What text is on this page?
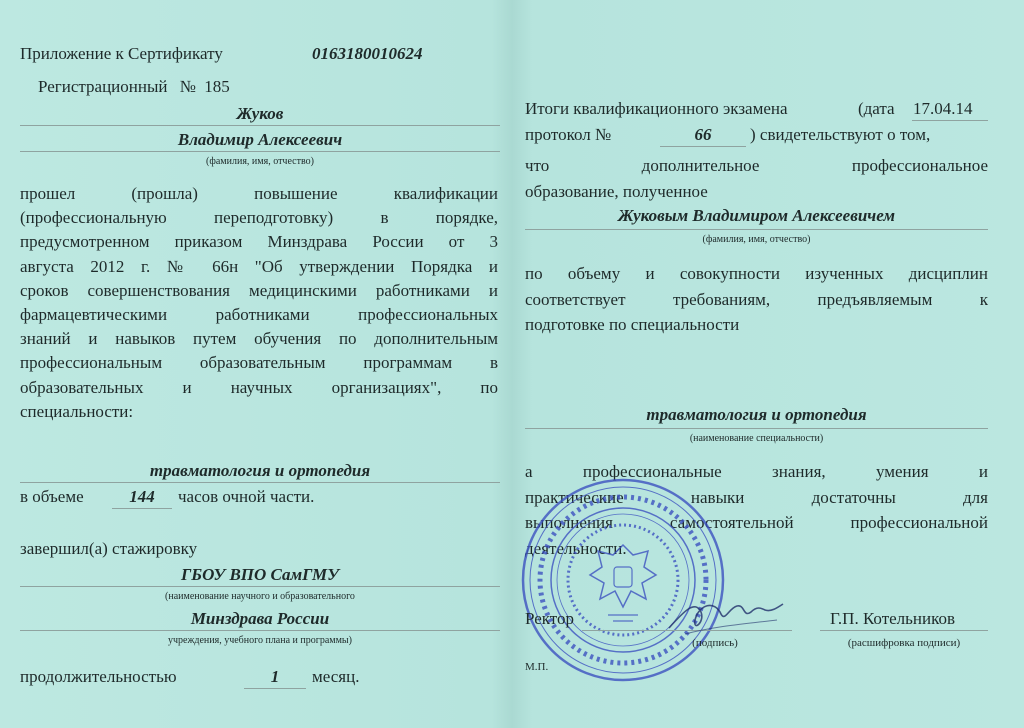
Приложение к Сертификату	0163180010624
Регистрационный № 185
Жуков
Владимир Алексеевич
(фамилия, имя, отчество)
прошел (прошла) повышение квалификации
(профессиональную переподготовку) в порядке,
предусмотренном приказом Минздрава России от 3
августа 2012 г. № 66н "Об утверждении Порядка и
сроков совершенствования медицинскими работниками и
фармацевтическими работниками профессиональных
знаний и навыков путем обучения по дополнительным
профессиональным образовательным программам в
образовательных и научных организациях", по
специальности:
травматология и ортопедия
в объеме	144	часов очной части.
завершил(а) стажировку
ГБОУ ВПО СамГМУ
(наименование научного и образовательного
Минздрава России
учреждения, учебного плана и программы)
продолжительностью	1	месяц.
Итоги квалификационного экзамена	(дата 17.04.14
протокол №	66	) свидетельствуют о том,
что дополнительное профессиональное
образование, полученное
Жуковым Владимиром Алексеевичем
(фамилия, имя, отчество)
по объему и совокупности изученных дисциплин
соответствует требованиям, предъявляемым к
подготовке по специальности
травматология и ортопедия
(наименование специальности)
а профессиональные знания, умения и
практические навыки достаточны для
выполнения самостоятельной профессиональной
деятельности.
Ректор
(подпись)
Г.П. Котельников
(расшифровка подписи)
М.П.
